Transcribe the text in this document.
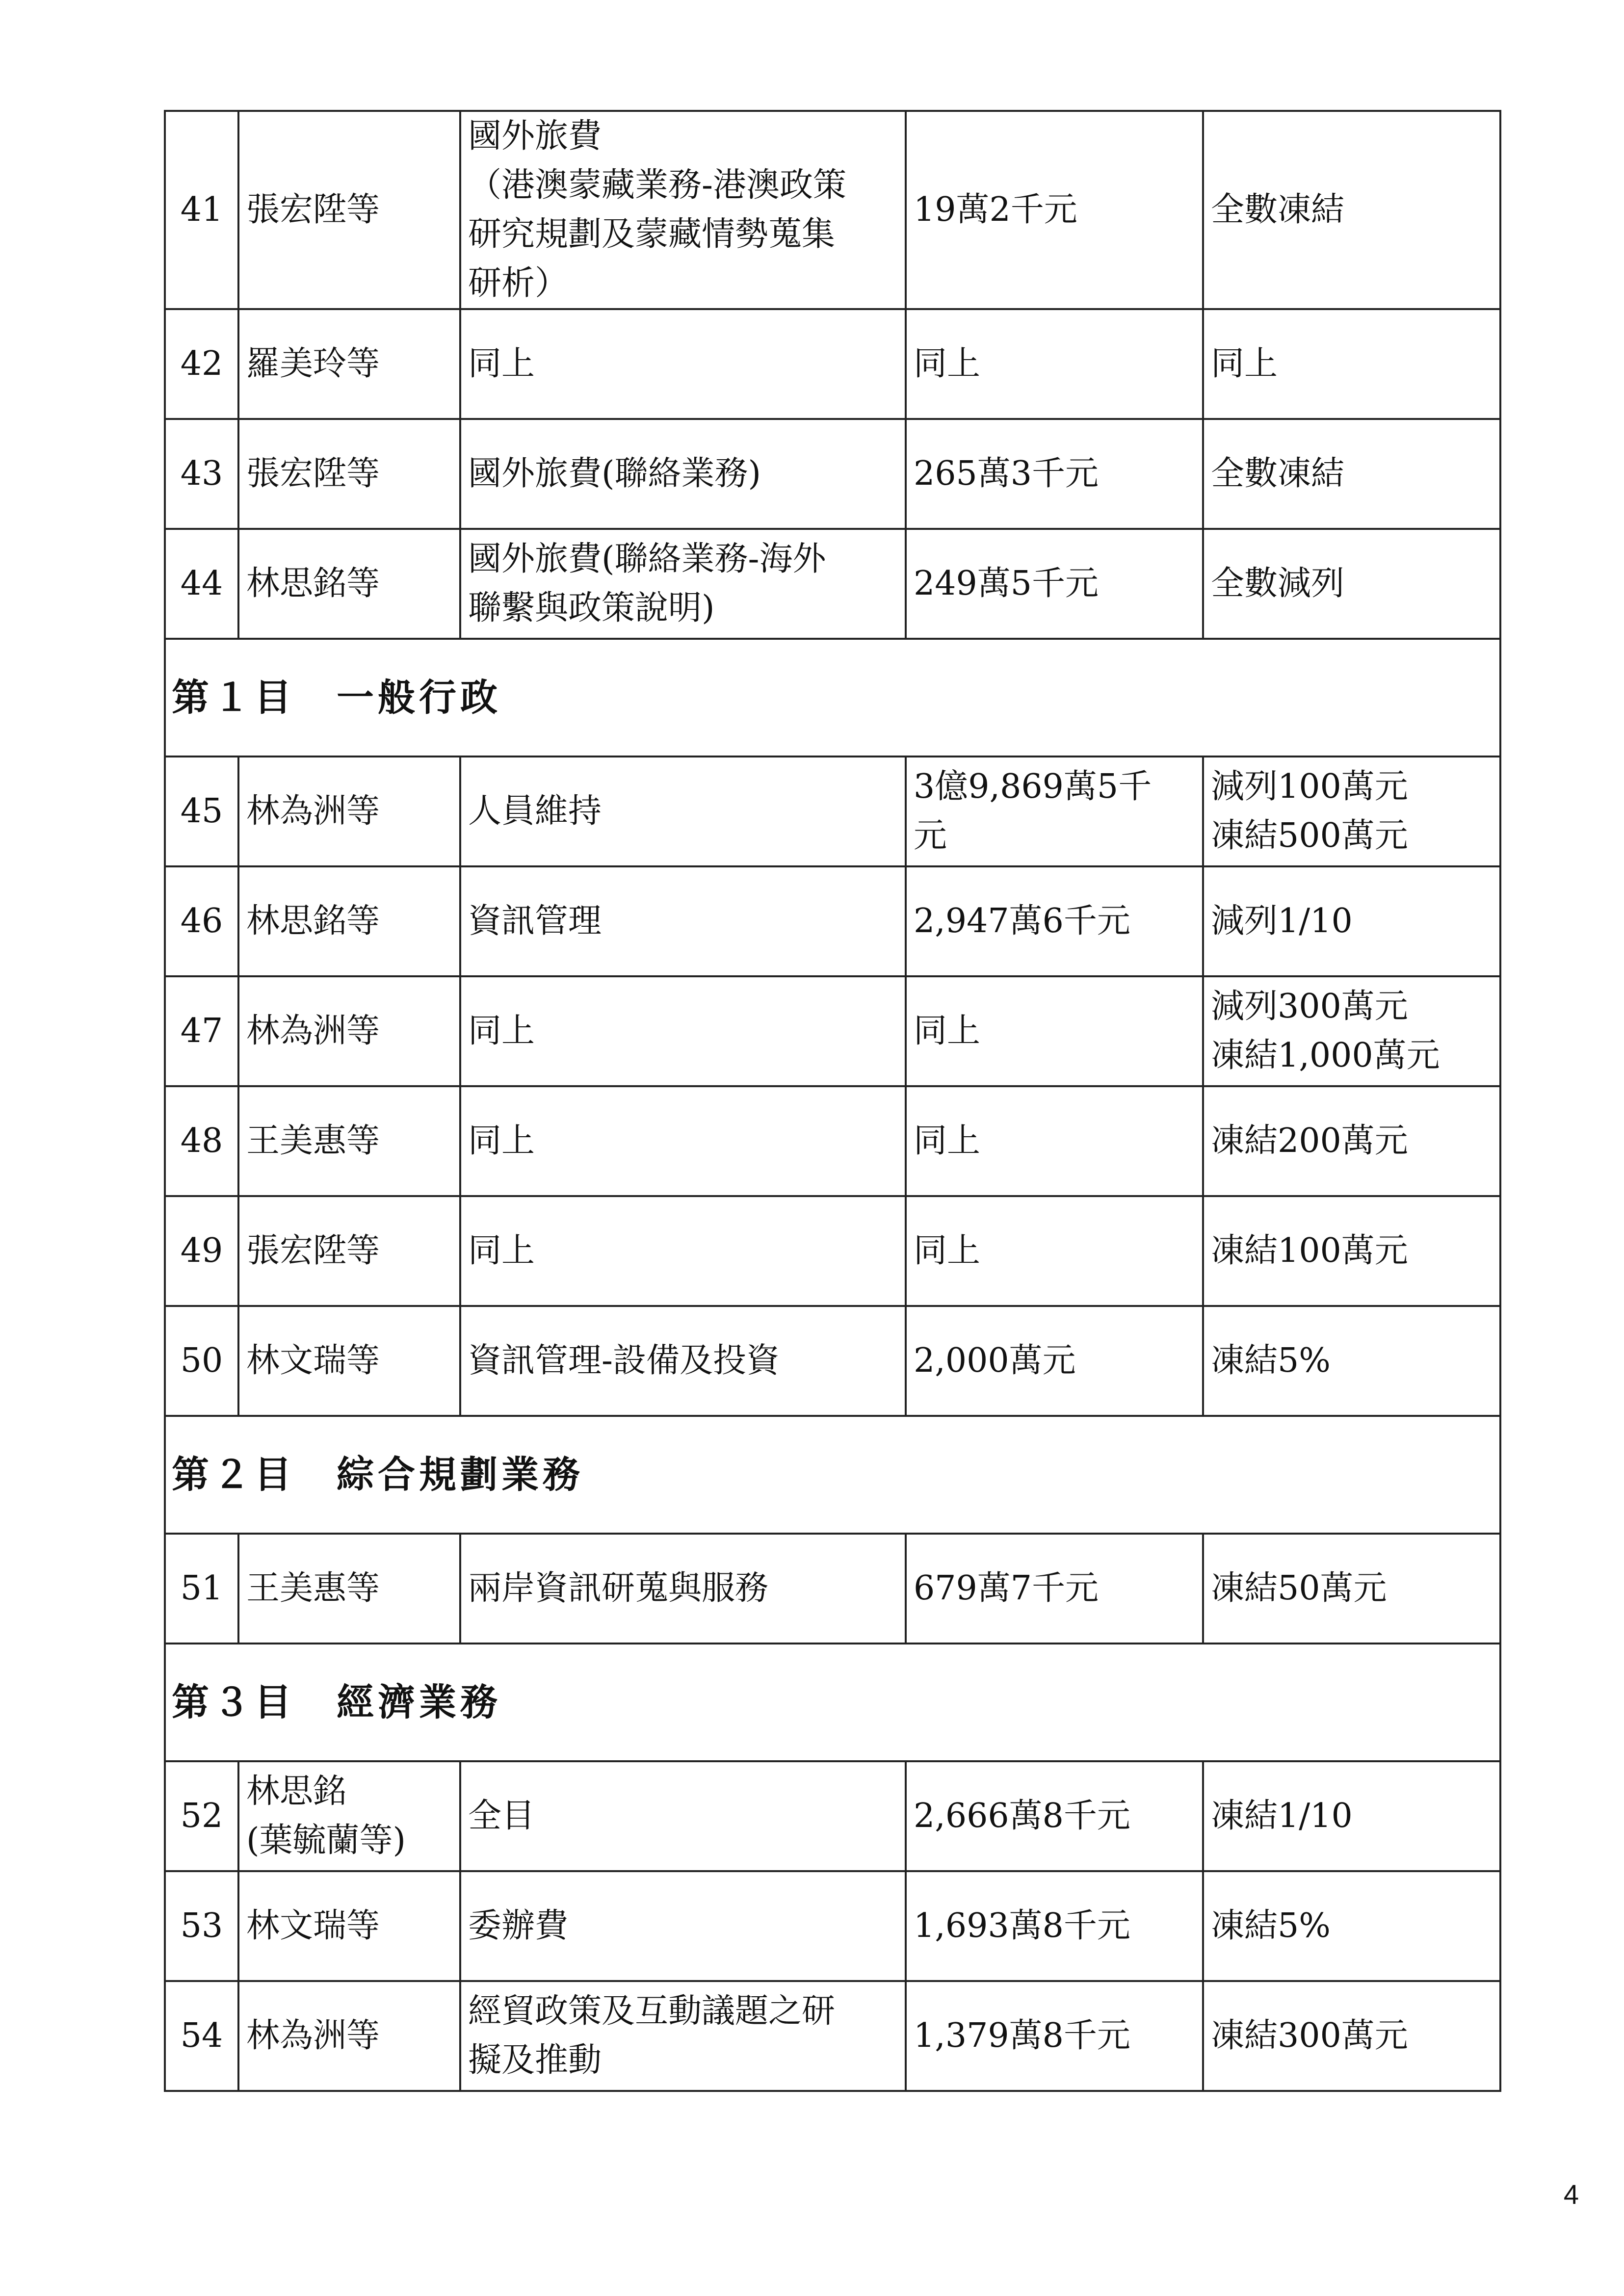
41	張宏陞等	國外旅費
（港澳蒙藏業務-港澳政策
研究規劃及蒙藏情勢蒐集
研析）	19萬2千元	全數凍結

42	羅美玲等	同上	同上	同上

43	張宏陞等	國外旅費(聯絡業務)	265萬3千元	全數凍結

44	林思銘等	國外旅費(聯絡業務-海外
聯繫與政策說明)	249萬5千元	全數減列

第１目　一般行政				
45	林為洲等	人員維持	3億9,869萬5千
元	減列100萬元
凍結500萬元

46	林思銘等	資訊管理	2,947萬6千元	減列1/10

47	林為洲等	同上	同上	減列300萬元
凍結1,000萬元

48	王美惠等	同上	同上	凍結200萬元

49	張宏陞等	同上	同上	凍結100萬元

50	林文瑞等	資訊管理-設備及投資	2,000萬元	凍結5%

第２目　綜合規劃業務				
51	王美惠等	兩岸資訊研蒐與服務	679萬7千元	凍結50萬元

第３目　經濟業務				
52	林思銘
(葉毓蘭等)	全目	2,666萬8千元	凍結1/10

53	林文瑞等	委辦費	1,693萬8千元	凍結5%

54	林為洲等	經貿政策及互動議題之研
擬及推動	1,379萬8千元	凍結300萬元
4
